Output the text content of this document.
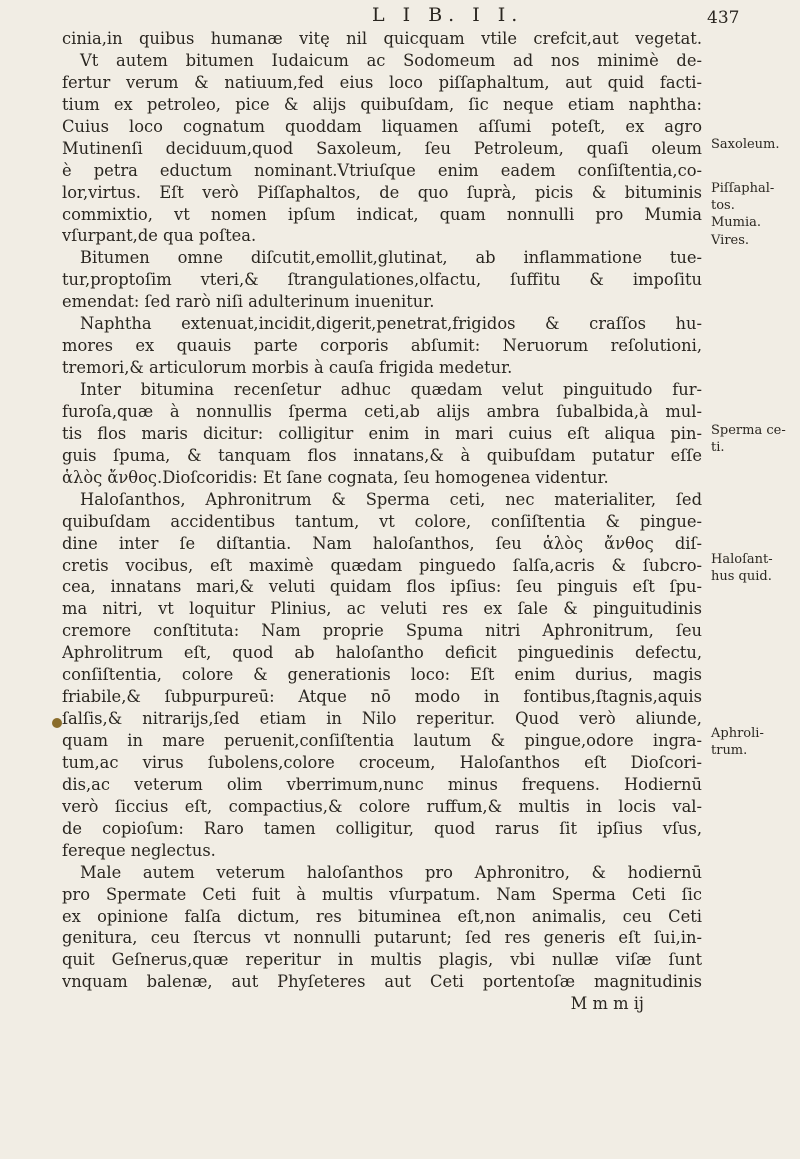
L I B. I I.	437
cinia,in quibus humanæ vitę nil quicquam vtile crefcit,aut vegetat.
Vt autem bitumen Iudaicum ac Sodomeum ad nos minimè de-
fertur verum & natiuum,fed eius loco piſſaphaltum, aut quid facti-
tium ex petroleo, pice & alijs quibuſdam, ſic neque etiam naphtha:
Cuius loco cognatum quoddam liquamen aſſumi poteſt, ex agro
Mutinenſi deciduum,quod Saxoleum, ſeu Petroleum, quaſi oleum
è petra eductum nominant.Vtriuſque enim eadem conſiſtentia,co-
lor,virtus. Eſt verò Piſſaphaltos, de quo ſuprà, picis & bituminis
commixtio, vt nomen ipſum indicat, quam nonnulli pro Mumia
vſurpant,de qua poſtea.
Bitumen omne diſcutit,emollit,glutinat, ab inflammatione tue-
tur,proptoſim vteri,& ſtrangulationes,olfactu, ſuffitu & impoſitu
emendat: ſed rarò niſi adulterinum inuenitur.
Naphtha extenuat,incidit,digerit,penetrat,frigidos & craſſos hu-
mores ex quauis parte corporis abſumit: Neruorum reſolutioni,
tremori,& articulorum morbis à cauſa frigida medetur.
Inter bitumina recenſetur adhuc quædam velut pinguitudo fur-
furoſa,quæ à nonnullis ſperma ceti,ab alijs ambra ſubalbida,à mul-
tis flos maris dicitur: colligitur enim in mari cuius eſt aliqua pin-
guis ſpuma, & tanquam flos innatans,& à quibuſdam putatur eſſe
ἁλὸς ἄνθος.Dioſcoridis: Et ſane cognata, ſeu homogenea videntur.
Haloſanthos, Aphronitrum & Sperma ceti, nec materialiter, ſed
quibuſdam accidentibus tantum, vt colore, conſiſtentia & pingue-
dine inter ſe diſtantia. Nam haloſanthos, ſeu ἁλὸς ἄνθος diſ-
cretis vocibus, eſt maximè quædam pinguedo ſalſa,acris & ſubcro-
cea, innatans mari,& veluti quidam flos ipſius: ſeu pinguis eſt ſpu-
ma nitri, vt loquitur Plinius, ac veluti res ex ſale & pinguitudinis
cremore conſtituta: Nam proprie Spuma nitri Aphronitrum, ſeu
Aphrolitrum eſt, quod ab haloſantho deficit pinguedinis defectu,
conſiſtentia, colore & generationis loco: Eſt enim durius, magis
friabile,& ſubpurpureū: Atque nō modo in fontibus,ſtagnis,aquis
ſalſis,& nitrarijs,ſed etiam in Nilo reperitur. Quod verò aliunde,
quam in mare peruenit,conſiſtentia lautum & pingue,odore ingra-
tum,ac virus ſubolens,colore croceum, Haloſanthos eſt Dioſcori-
dis,ac veterum olim vberrimum,nunc minus frequens. Hodiernū
verò ſiccius eſt, compactius,& colore ruffum,& multis in locis val-
de copioſum: Raro tamen colligitur, quod rarus ſit ipſius vſus,
fereque neglectus.
Male autem veterum haloſanthos pro Aphronitro, & hodiernū
pro Spermate Ceti fuit à multis vſurpatum. Nam Sperma Ceti ſic
ex opinione falſa dictum, res bituminea eſt,non animalis, ceu Ceti
genitura, ceu ſtercus vt nonnulli putarunt; ſed res generis eſt ſui,in-
quit Geſnerus,quæ reperitur in multis plagis, vbi nullæ viſæ ſunt
vnquam balenæ, aut Phyſeteres aut Ceti portentoſæ magnitudinis
M m m ij
Saxoleum.
Piſſaphal-
tos.
Mumia.
Vires.
Sperma ce-
ti.
Haloſant-
hus quid.
Aphroli-
trum.
